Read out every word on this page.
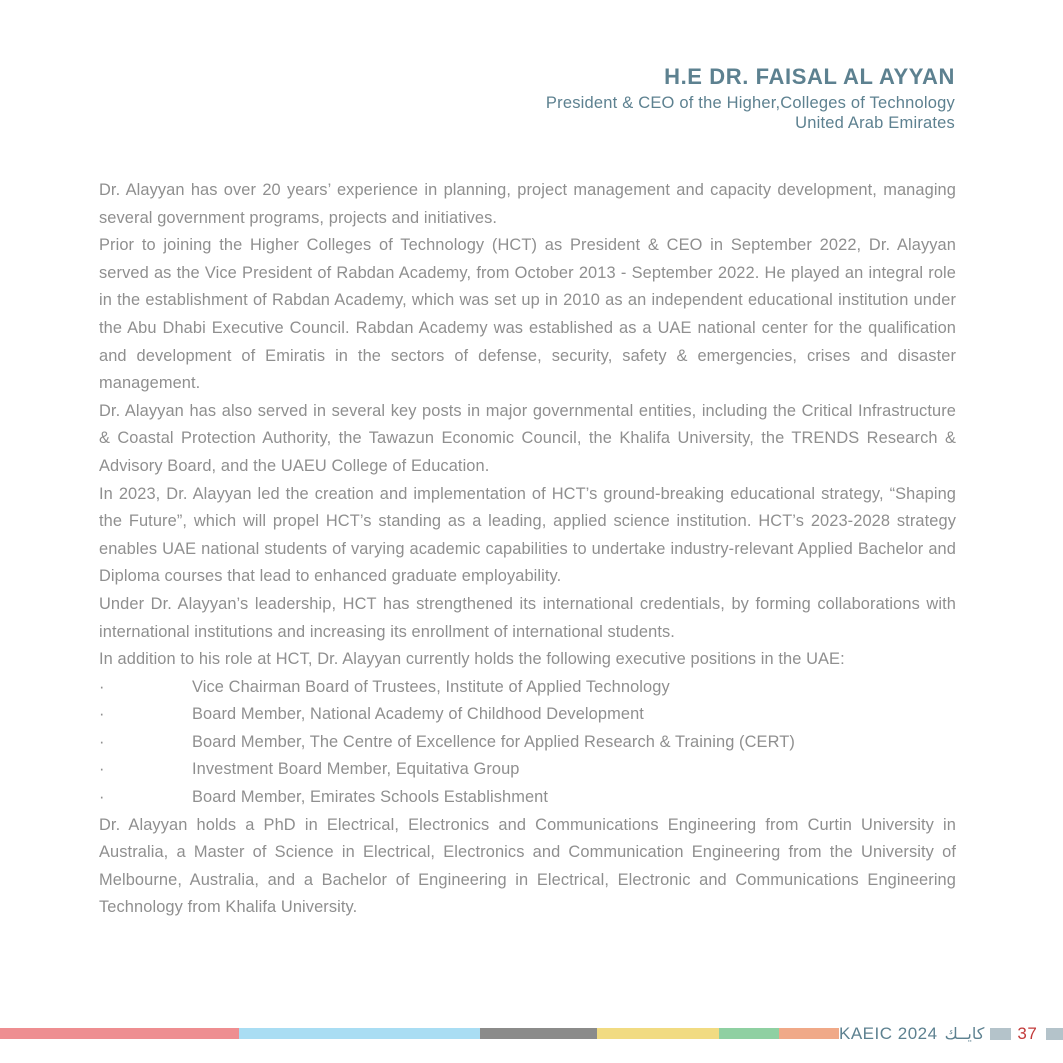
H.E DR. FAISAL AL AYYAN
President & CEO of the Higher,Colleges of Technology
United Arab Emirates

Dr. Alayyan has over 20 years’ experience in planning, project management and capacity development, managing several government programs, projects and initiatives.

Prior to joining the Higher Colleges of Technology (HCT) as President & CEO in September 2022, Dr. Alayyan served as the Vice President of Rabdan Academy, from October 2013 - September 2022. He played an integral role in the establishment of Rabdan Academy, which was set up in 2010 as an independent educational institution under the Abu Dhabi Executive Council. Rabdan Academy was established as a UAE national center for the qualification and development of Emiratis in the sectors of defense, security, safety & emergencies, crises and disaster management.

Dr. Alayyan has also served in several key posts in major governmental entities, including the Critical Infrastructure & Coastal Protection Authority, the Tawazun Economic Council, the Khalifa University, the TRENDS Research & Advisory Board, and the UAEU College of Education.

In 2023, Dr. Alayyan led the creation and implementation of HCT’s ground-breaking educational strategy, “Shaping the Future”, which will propel HCT’s standing as a leading, applied science institution. HCT’s 2023-2028 strategy enables UAE national students of varying academic capabilities to undertake industry-relevant Applied Bachelor and Diploma courses that lead to enhanced graduate employability.

Under Dr. Alayyan’s leadership, HCT has strengthened its international credentials, by forming collaborations with international institutions and increasing its enrollment of international students.

In addition to his role at HCT, Dr. Alayyan currently holds the following executive positions in the UAE:

·	Vice Chairman Board of Trustees, Institute of Applied Technology
·	Board Member, National Academy of Childhood Development
·	Board Member, The Centre of Excellence for Applied Research & Training (CERT)
·	Investment Board Member, Equitativa Group
·	Board Member, Emirates Schools Establishment

Dr. Alayyan holds a PhD in Electrical, Electronics and Communications Engineering from Curtin University in Australia, a Master of Science in Electrical, Electronics and Communication Engineering from the University of Melbourne, Australia, and a Bachelor of Engineering in Electrical, Electronic and Communications Engineering Technology from Khalifa University.

KAEIC 2024 كايــك 37
